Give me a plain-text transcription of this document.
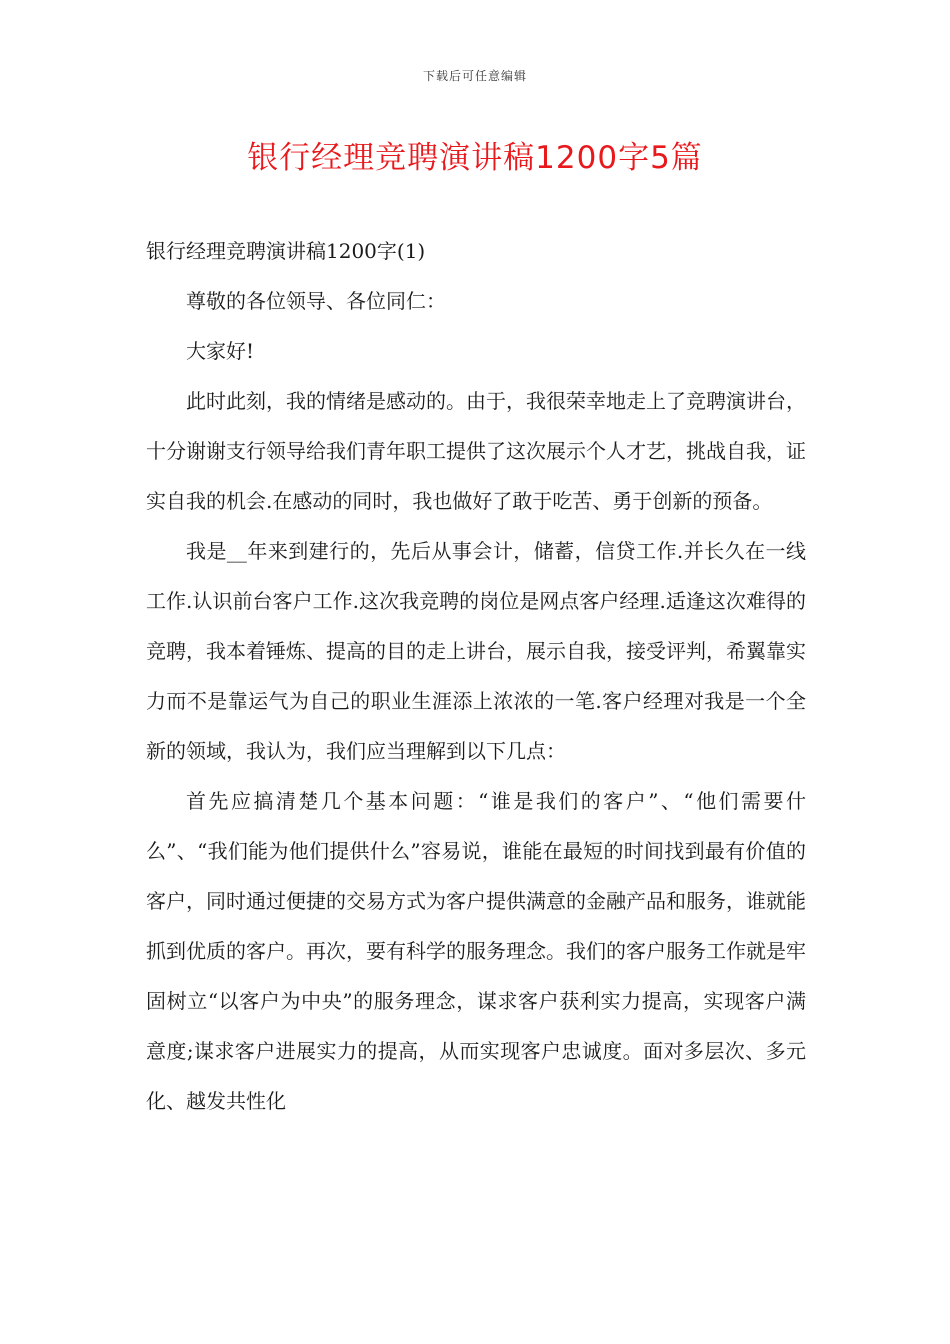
下载后可任意编辑
银行经理竞聘演讲稿1200字5篇

银行经理竞聘演讲稿1200字(1)

尊敬的各位领导、各位同仁：

大家好!

此时此刻，我的情绪是感动的。由于，我很荣幸地走上了竞聘演讲台，十分谢谢支行领导给我们青年职工提供了这次展示个人才艺，挑战自我，证实自我的机会.在感动的同时，我也做好了敢于吃苦、勇于创新的预备。

我是__年来到建行的，先后从事会计，储蓄，信贷工作.并长久在一线工作.认识前台客户工作.这次我竞聘的岗位是网点客户经理.适逢这次难得的竞聘，我本着锤炼、提高的目的走上讲台，展示自我，接受评判，希翼靠实力而不是靠运气为自己的职业生涯添上浓浓的一笔.客户经理对我是一个全新的领域，我认为，我们应当理解到以下几点：

首先应搞清楚几个基本问题：“谁是我们的客户”、“他们需要什么”、“我们能为他们提供什么”容易说，谁能在最短的时间找到最有价值的客户，同时通过便捷的交易方式为客户提供满意的金融产品和服务，谁就能抓到优质的客户。再次，要有科学的服务理念。我们的客户服务工作就是牢固树立“以客户为中央”的服务理念，谋求客户获利实力提高，实现客户满意度;谋求客户进展实力的提高，从而实现客户忠诚度。面对多层次、多元化、越发共性化
